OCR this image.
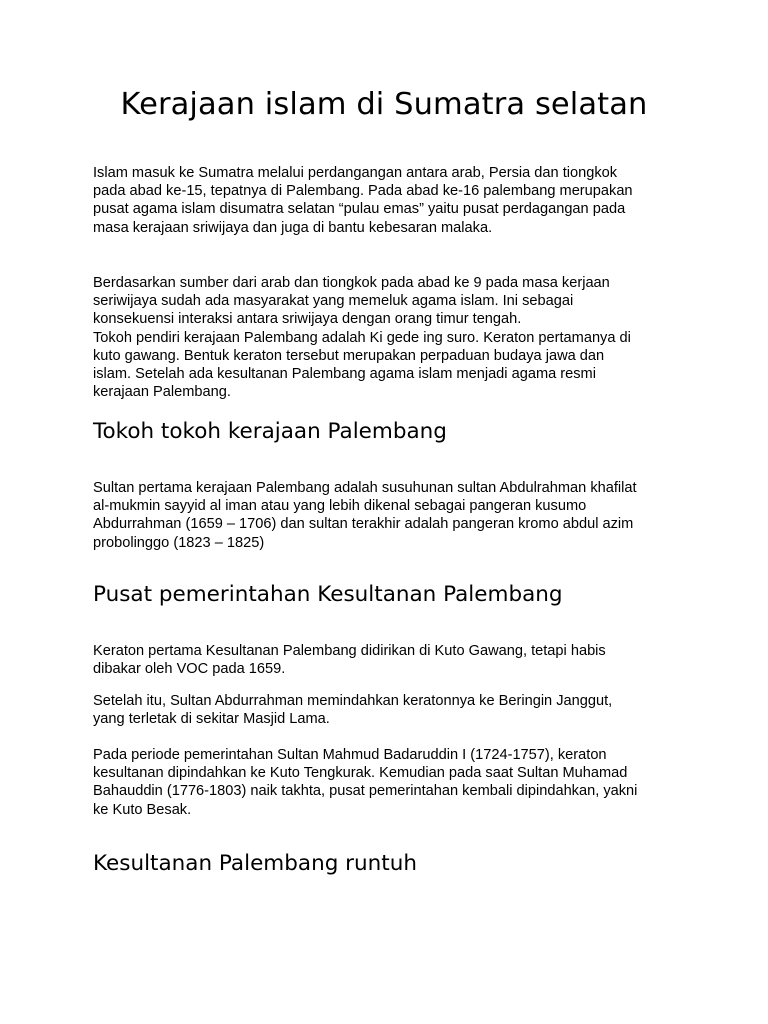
Kerajaan islam di Sumatra selatan
Islam masuk ke Sumatra melalui perdangangan antara arab, Persia dan tiongkok
pada abad ke-15, tepatnya di Palembang. Pada abad ke-16 palembang merupakan
pusat agama islam disumatra selatan “pulau emas” yaitu pusat perdagangan pada
masa kerajaan sriwijaya dan juga di bantu kebesaran malaka.
Berdasarkan sumber dari arab dan tiongkok pada abad ke 9 pada masa kerjaan
seriwijaya sudah ada masyarakat yang memeluk agama islam. Ini sebagai
konsekuensi interaksi antara sriwijaya dengan orang timur tengah.
Tokoh pendiri kerajaan Palembang adalah Ki gede ing suro. Keraton pertamanya di
kuto gawang. Bentuk keraton tersebut merupakan perpaduan budaya jawa dan
islam. Setelah ada kesultanan Palembang agama islam menjadi agama resmi
kerajaan Palembang.
Tokoh tokoh kerajaan Palembang
Sultan pertama kerajaan Palembang adalah susuhunan sultan Abdulrahman khafilat
al-mukmin sayyid al iman atau yang lebih dikenal sebagai pangeran kusumo
Abdurrahman (1659 – 1706) dan sultan terakhir adalah pangeran kromo abdul azim
probolinggo (1823 – 1825)
Pusat pemerintahan Kesultanan Palembang
Keraton pertama Kesultanan Palembang didirikan di Kuto Gawang, tetapi habis
dibakar oleh VOC pada 1659.
Setelah itu, Sultan Abdurrahman memindahkan keratonnya ke Beringin Janggut,
yang terletak di sekitar Masjid Lama.
Pada periode pemerintahan Sultan Mahmud Badaruddin I (1724-1757), keraton
kesultanan dipindahkan ke Kuto Tengkurak. Kemudian pada saat Sultan Muhamad
Bahauddin (1776-1803) naik takhta, pusat pemerintahan kembali dipindahkan, yakni
ke Kuto Besak.
Kesultanan Palembang runtuh
